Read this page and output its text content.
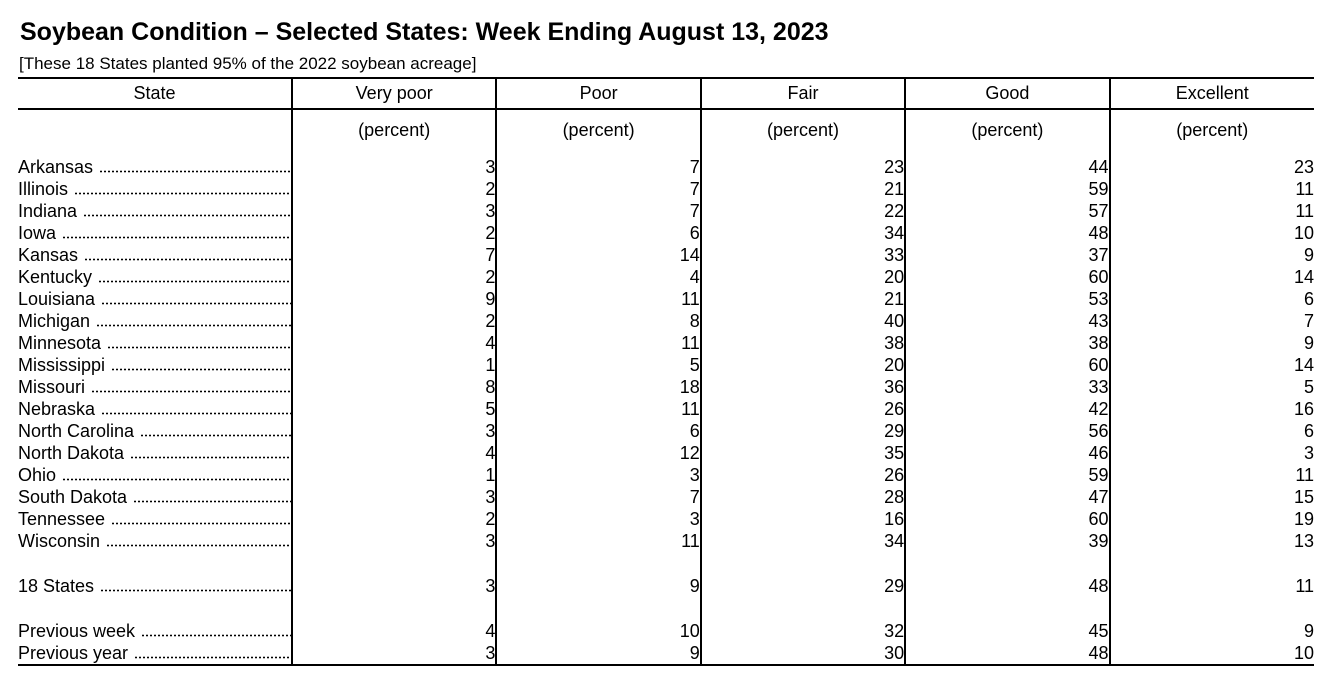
Soybean Condition – Selected States: Week Ending August 13, 2023
[These 18 States planted 95% of the 2022 soybean acreage]
State	Very poor	Poor	Fair	Good	Excellent
	(percent)	(percent)	(percent)	(percent)	(percent)

Arkansas	3	7	23	44	23

Illinois	2	7	21	59	11

Indiana	3	7	22	57	11

Iowa	2	6	34	48	10

Kansas	7	14	33	37	9

Kentucky	2	4	20	60	14

Louisiana	9	11	21	53	6

Michigan	2	8	40	43	7

Minnesota	4	11	38	38	9

Mississippi	1	5	20	60	14

Missouri	8	18	36	33	5

Nebraska	5	11	26	42	16

North Carolina	3	6	29	56	6

North Dakota	4	12	35	46	3

Ohio	1	3	26	59	11

South Dakota	3	7	28	47	15

Tennessee	2	3	16	60	19

Wisconsin	3	11	34	39	13

18 States	3	9	29	48	11

Previous week	4	10	32	45	9

Previous year	3	9	30	48	10
